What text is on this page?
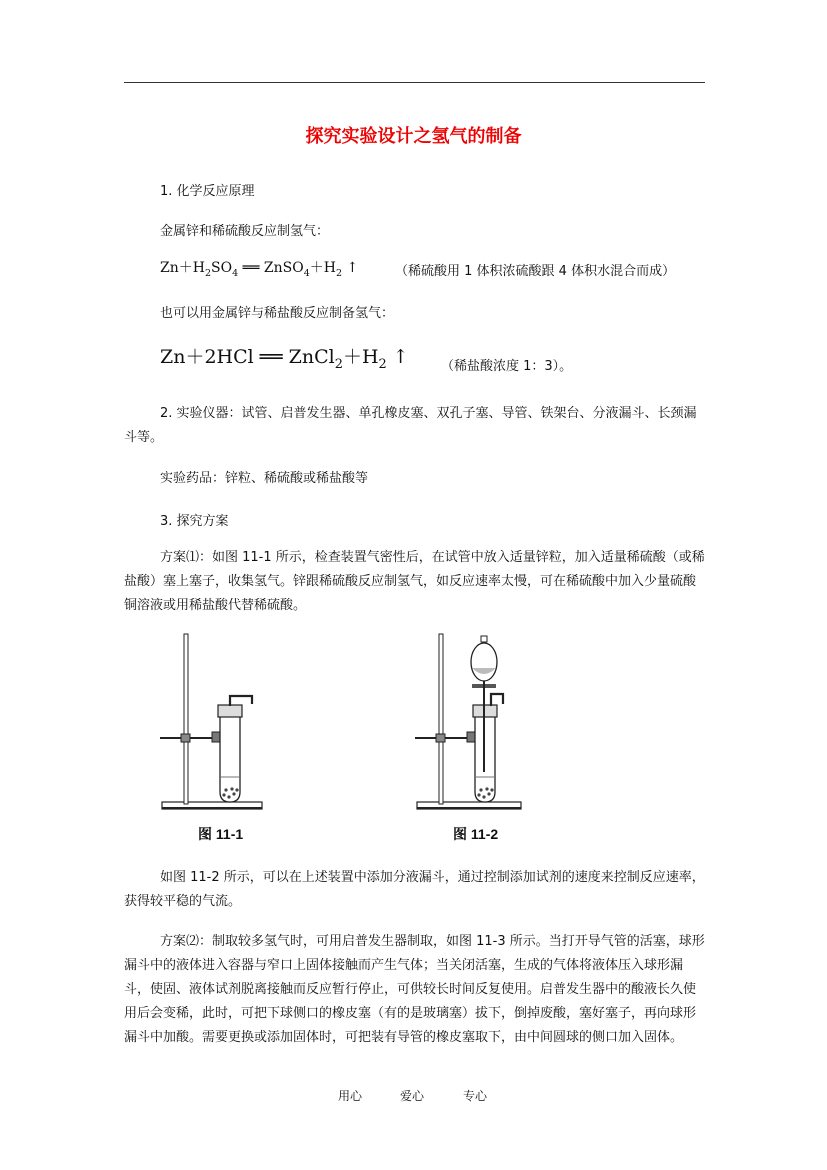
探究实验设计之氢气的制备
1. 化学反应原理
金属锌和稀硫酸反应制氢气：
$Zn+H_2SO_4$ ══ $ZnSO_4+H_2$ ↑	（稀硫酸用 1 体积浓硫酸跟 4 体积水混合而成）
也可以用金属锌与稀盐酸反应制备氢气：
Zn＋2HCl ══ $ZnCl_2+H_2$ ↑ （稀盐酸浓度 1：3）。
2. 实验仪器：试管、启普发生器、单孔橡皮塞、双孔子塞、导管、铁架台、分液漏斗、长颈漏斗等。
实验药品：锌粒、稀硫酸或稀盐酸等
3. 探究方案
方案⑴：如图 11-1 所示，检查装置气密性后，在试管中放入适量锌粒，加入适量稀硫酸（或稀盐酸）塞上塞子，收集氢气。锌跟稀硫酸反应制氢气，如反应速率太慢，可在稀硫酸中加入少量硫酸铜溶液或用稀盐酸代替稀硫酸。
图 11-1	图 11-2
如图 11-2 所示，可以在上述装置中添加分液漏斗，通过控制添加试剂的速度来控制反应速率，获得较平稳的气流。
方案⑵：制取较多氢气时，可用启普发生器制取，如图 11-3 所示。当打开导气管的活塞，球形漏斗中的液体进入容器与窄口上固体接触而产生气体；当关闭活塞，生成的气体将液体压入球形漏斗，使固、液体试剂脱离接触而反应暂行停止，可供较长时间反复使用。启普发生器中的酸液长久使用后会变稀，此时，可把下球侧口的橡皮塞（有的是玻璃塞）拔下，倒掉废酸，塞好塞子，再向球形漏斗中加酸。需要更换或添加固体时，可把装有导管的橡皮塞取下，由中间圆球的侧口加入固体。
用心	爱心	专心
